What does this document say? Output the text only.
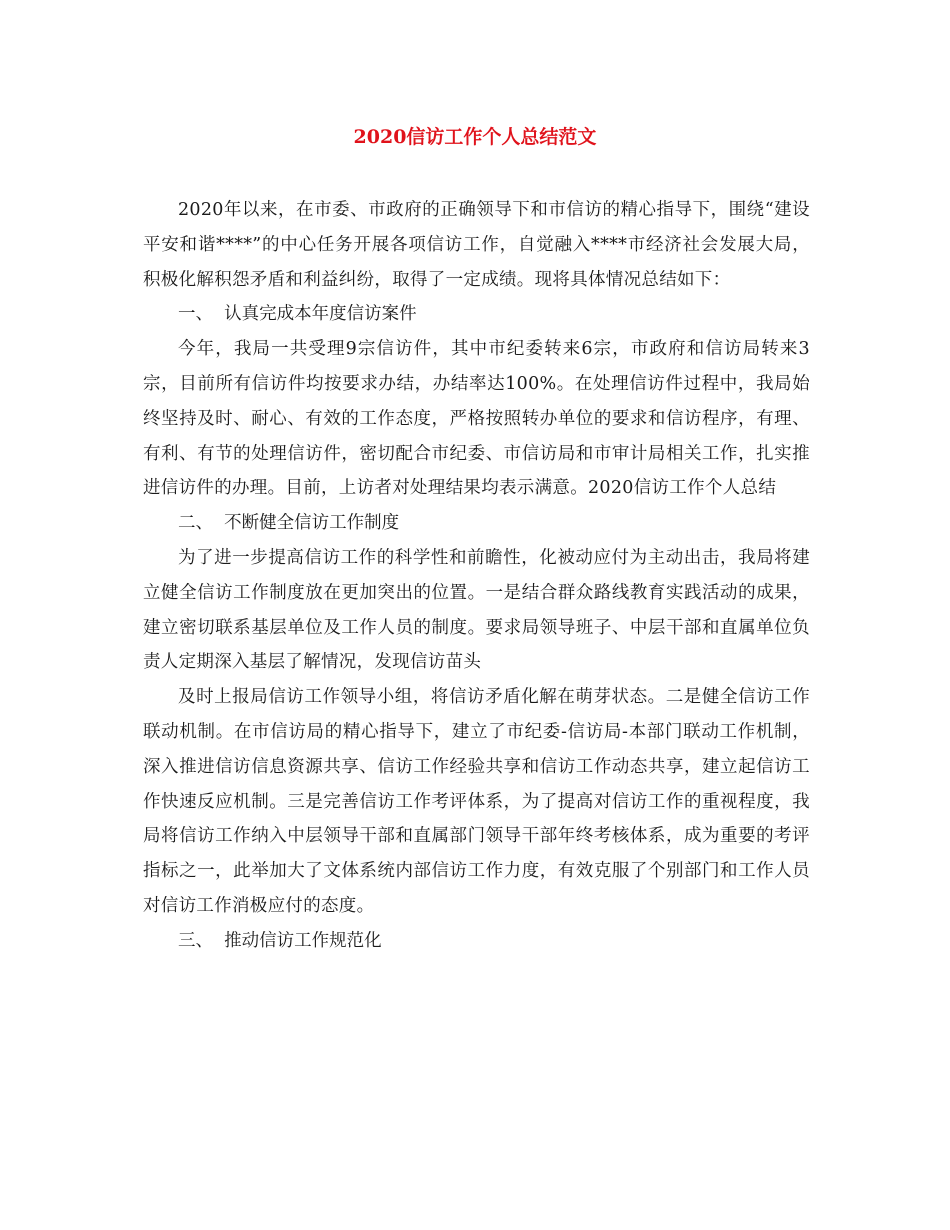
2020信访工作个人总结范文

2020年以来，在市委、市政府的正确领导下和市信访的精心指导下，围绕“建设平安和谐****”的中心任务开展各项信访工作，自觉融入****市经济社会发展大局，积极化解积怨矛盾和利益纠纷，取得了一定成绩。现将具体情况总结如下：

一、  认真完成本年度信访案件

今年，我局一共受理9宗信访件，其中市纪委转来6宗，市政府和信访局转来3宗，目前所有信访件均按要求办结，办结率达100%。在处理信访件过程中，我局始终坚持及时、耐心、有效的工作态度，严格按照转办单位的要求和信访程序，有理、有利、有节的处理信访件，密切配合市纪委、市信访局和市审计局相关工作，扎实推进信访件的办理。目前，上访者对处理结果均表示满意。2020信访工作个人总结

二、  不断健全信访工作制度

为了进一步提高信访工作的科学性和前瞻性，化被动应付为主动出击，我局将建立健全信访工作制度放在更加突出的位置。一是结合群众路线教育实践活动的成果，建立密切联系基层单位及工作人员的制度。要求局领导班子、中层干部和直属单位负责人定期深入基层了解情况，发现信访苗头

及时上报局信访工作领导小组，将信访矛盾化解在萌芽状态。二是健全信访工作联动机制。在市信访局的精心指导下，建立了市纪委-信访局-本部门联动工作机制，深入推进信访信息资源共享、信访工作经验共享和信访工作动态共享，建立起信访工作快速反应机制。三是完善信访工作考评体系，为了提高对信访工作的重视程度，我局将信访工作纳入中层领导干部和直属部门领导干部年终考核体系，成为重要的考评指标之一，此举加大了文体系统内部信访工作力度，有效克服了个别部门和工作人员对信访工作消极应付的态度。

三、  推动信访工作规范化
